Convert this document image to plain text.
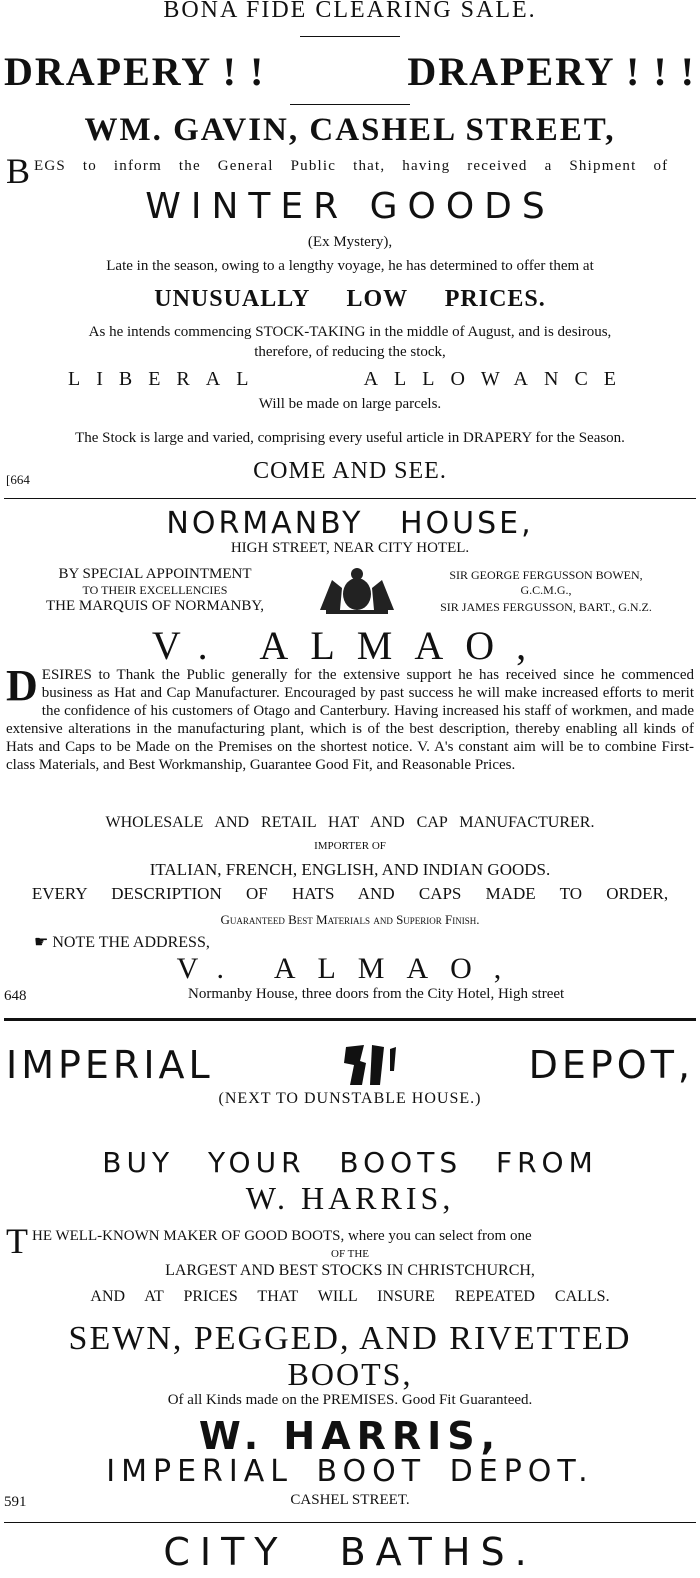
BONA FIDE CLEARING SALE.
DRAPERY ! !	DRAPERY ! ! !
WM. GAVIN, CASHEL STREET,
B EGS to inform the General Public that, having received a Shipment of
WINTER GOODS
(Ex Mystery),
Late in the season, owing to a lengthy voyage, he has determined to offer them at
UNUSUALLY LOW PRICES.
As he intends commencing STOCK-TAKING in the middle of August, and is desirous,
therefore, of reducing the stock,
LIBERAL ALLOWANCE
Will be made on large parcels.
The Stock is large and varied, comprising every useful article in DRAPERY for the Season.
[664	COME AND SEE.
NORMANBY HOUSE,
HIGH STREET, NEAR CITY HOTEL.
BY SPECIAL APPOINTMENT
TO THEIR EXCELLENCIES
THE MARQUIS OF NORMANBY,
SIR GEORGE FERGUSSON BOWEN,
G.C.M.G.,
SIR JAMES FERGUSSON, BART., G.N.Z.
V. ALMAO,
DESIRES to Thank the Public generally for the extensive support he has received since he commenced business as Hat and Cap Manufacturer. Encouraged by past success he will make increased efforts to merit the confidence of his customers of Otago and Canterbury. Having increased his staff of workmen, and made extensive alterations in the manufacturing plant, which is of the best description, thereby enabling all kinds of Hats and Caps to be Made on the Premises on the shortest notice. V. A's constant aim will be to combine First-class Materials, and Best Workmanship, Guarantee Good Fit, and Reasonable Prices.
WHOLESALE AND RETAIL HAT AND CAP MANUFACTURER.
IMPORTER OF
ITALIAN, FRENCH, ENGLISH, AND INDIAN GOODS.
EVERY DESCRIPTION OF HATS AND CAPS MADE TO ORDER,
Guaranteed Best Materials and Superior Finish.
☛ NOTE THE ADDRESS,
V. ALMAO,
648	Normanby House, three doors from the City Hotel, High street
IMPERIAL	DEPOT,
(NEXT TO DUNSTABLE HOUSE.)
BUY YOUR BOOTS FROM
W. HARRIS,
T HE WELL-KNOWN MAKER OF GOOD BOOTS, where you can select from one
OF THE
LARGEST AND BEST STOCKS IN CHRISTCHURCH,
AND AT PRICES THAT WILL INSURE REPEATED CALLS.
SEWN, PEGGED, AND RIVETTED
BOOTS,
Of all Kinds made on the PREMISES. Good Fit Guaranteed.
W. HARRIS,
IMPERIAL BOOT DEPOT.
591	CASHEL STREET.
CITY BATHS.
